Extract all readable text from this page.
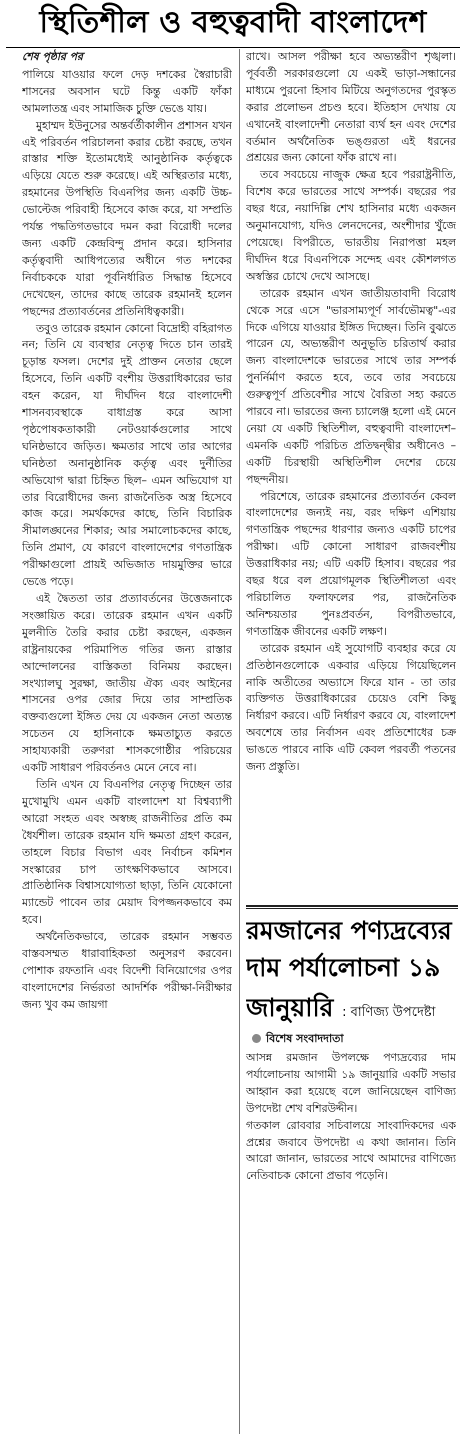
স্থিতিশীল ও বহুত্ববাদী বাংলাদেশ

শেষ পৃষ্ঠার পর

পালিয়ে যাওয়ার ফলে দেড় দশকের স্বৈরাচারী শাসনের অবসান ঘটে কিন্তু একটি ফাঁকা আমলাতন্ত্র এবং সামাজিক চুক্তি ভেঙে যায়।

মুহাম্মদ ইউনুসের অন্তর্বর্তীকালীন প্রশাসন যখন এই পরিবর্তন পরিচালনা করার চেষ্টা করছে, তখন রাস্তার শক্তি ইতোমধ্যেই আনুষ্ঠানিক কর্তৃত্বকে এড়িয়ে যেতে শুরু করেছে। এই অস্থিরতার মধ্যে, রহমানের উপস্থিতি বিএনপির জন্য একটি উচ্চ-ভোল্টেজ পরিবাহী হিসেবে কাজ করে, যা সম্প্রতি পর্যন্ত পদ্ধতিগতভাবে দমন করা বিরোধী দলের জন্য একটি কেন্দ্রবিন্দু প্রদান করে। হাসিনার কর্তৃত্ববাদী আধিপত্যের অধীনে গত দশকের নির্বাচককে যারা পূর্বনির্ধারিত সিদ্ধান্ত হিসেবে দেখেছেন, তাদের কাছে তারেক রহমানই হলেন পছন্দের প্রত্যাবর্তনের প্রতিনিধিত্বকারী।

তবুও তারেক রহমান কোনো বিদ্রোহী বহিরাগত নন; তিনি যে ব্যবস্থার নেতৃত্ব দিতে চান তারই চূড়ান্ত ফসল। দেশের দুই প্রাক্তন নেতার ছেলে হিসেবে, তিনি একটি বংশীয় উত্তরাধিকারের ভার বহন করেন, যা দীর্ঘদিন ধরে বাংলাদেশী শাসনব্যবস্থাকে বাধাগ্রস্ত করে আসা পৃষ্ঠপোষকতাকারী নেটওয়ার্কগুলোর সাথে ঘনিষ্ঠভাবে জড়িত। ক্ষমতার সাথে তার আগের ঘনিষ্ঠতা অনানুষ্ঠানিক কর্তৃত্ব এবং দুর্নীতির অভিযোগ দ্বারা চিহ্নিত ছিল– এমন অভিযোগ যা তার বিরোধীদের জন্য রাজনৈতিক অস্ত্র হিসেবে কাজ করে। সমর্থকদের কাছে, তিনি বিচারিক সীমালঙ্ঘনের শিকার; আর সমালোচকদের কাছে, তিনি প্রমাণ, যে কারণে বাংলাদেশের গণতান্ত্রিক পরীক্ষাগুলো প্রায়ই অভিজাত দায়মুক্তির ভারে ভেঙে পড়ে।

এই দ্বৈততা তার প্রত্যাবর্তনের উত্তেজনাকে সংজ্ঞায়িত করে। তারেক রহমান এখন একটি মুলনীতি তৈরি করার চেষ্টা করছেন, একজন রাষ্ট্রনায়কের পরিমাপিত গতির জন্য রাস্তার আন্দোলনের বাস্তিকতা বিনিময় করছেন। সংখ্যালঘু সুরক্ষা, জাতীয় ঐক্য এবং আইনের শাসনের ওপর জোর দিয়ে তার সাম্প্রতিক বক্তব্যগুলো ইঙ্গিত দেয় যে একজন নেতা অত্যন্ত সচেতন যে হাসিনাকে ক্ষমতাচ্যুত করতে সাহায্যকারী তরুণরা শাসকগোষ্ঠীর পরিচয়ের একটি সাধারণ পরিবর্তনও মেনে নেবে না।

তিনি এখন যে বিএনপির নেতৃত্ব দিচ্ছেন তার মুখোমুখি এমন একটি বাংলাদেশ যা বিশ্বব্যাপী আরো সংহত এবং অস্বচ্ছ রাজনীতির প্রতি কম ধৈর্যশীল। তারেক রহমান যদি ক্ষমতা গ্রহণ করেন, তাহলে বিচার বিভাগ এবং নির্বাচন কমিশন সংস্কারের চাপ তাৎক্ষণিকভাবে আসবে। প্রাতিষ্ঠানিক বিশ্বাসযোগ্যতা ছাড়া, তিনি যেকোনো ম্যান্ডেট পাবেন তার মেয়াদ বিপজ্জনকভাবে কম হবে।

অর্থনৈতিকভাবে, তারেক রহমান সম্ভবত বাস্তবসম্মত ধারাবাহিকতা অনুসরণ করবেন। পোশাক রফতানি এবং বিদেশী বিনিয়োগের ওপর বাংলাদেশের নির্ভরতা আদর্শিক পরীক্ষা-নিরীক্ষার জন্য খুব কম জায়গা

রাখে। আসল পরীক্ষা হবে অভ্যন্তরীণ শৃঙ্খলা। পূর্ববর্তী সরকারগুলো যে একই ভাড়া-সন্ধানের মাধ্যমে পুরনো হিসাব মিটিয়ে অনুগতদের পুরস্কৃত করার প্রলোভন প্রচণ্ড হবে। ইতিহাস দেখায় যে এখানেই বাংলাদেশী নেতারা ব্যর্থ হন এবং দেশের বর্তমান অর্থনৈতিক ভঙ্গুরতা এই ধরনের প্রশ্রয়ের জন্য কোনো ফাঁক রাখে না।

তবে সবচেয়ে নাজুক ক্ষেত্র হবে পররাষ্ট্রনীতি, বিশেষ করে ভারতের সাথে সম্পর্ক। বছরের পর বছর ধরে, নয়াদিল্লি শেখ হাসিনার মধ্যে একজন অনুমানযোগ্য, যদিও লেনদেনের, অংশীদার খুঁজে পেয়েছে। বিপরীতে, ভারতীয় নিরাপত্তা মহল দীর্ঘদিন ধরে বিএনপিকে সন্দেহ এবং কৌশলগত অস্বস্তির চোখে দেখে আসছে।

তারেক রহমান এখন জাতীয়তাবাদী বিরোধ থেকে সরে এসে "ভারসাম্যপূর্ণ সার্বভৌমত্ব"-এর দিকে এগিয়ে যাওয়ার ইঙ্গিত দিচ্ছেন। তিনি বুঝতে পারেন যে, অভ্যন্তরীণ অনুভূতি চরিতার্থ করার জন্য বাংলাদেশকে ভারতের সাথে তার সম্পর্ক পুনর্নির্মাণ করতে হবে, তবে তার সবচেয়ে গুরুত্বপূর্ণ প্রতিবেশীর সাথে বৈরিতা সহ্য করতে পারবে না। ভারতের জন্য চ্যালেঞ্জ হলো এই মেনে নেয়া যে একটি স্থিতিশীল, বহুত্ববাদী বাংলাদেশ– এমনকি একটি পরিচিত প্রতিদ্বন্দ্বীর অধীনেও – একটি চিরস্থায়ী অস্থিতিশীল দেশের চেয়ে পছন্দনীয়।

পরিশেষে, তারেক রহমানের প্রত্যাবর্তন কেবল বাংলাদেশের জন্যই নয়, বরং দক্ষিণ এশিয়ায় গণতান্ত্রিক পছন্দের ধারণার জন্যও একটি চাপের পরীক্ষা। এটি কোনো সাধারণ রাজবংশীয় উত্তরাধিকার নয়; এটি একটি হিসাব। বছরের পর বছর ধরে বল প্রয়োগমূলক স্থিতিশীলতা এবং পরিচালিত ফলাফলের পর, রাজনৈতিক অনিশ্চয়তার পুনঃপ্রবর্তন, বিপরীতভাবে, গণতান্ত্রিক জীবনের একটি লক্ষণ।

তারেক রহমান এই সুযোগটি ব্যবহার করে যে প্রতিষ্ঠানগুলোকে একবার এড়িয়ে গিয়েছিলেন নাকি অতীতের অভ্যাসে ফিরে যান - তা তার ব্যক্তিগত উত্তরাধিকারের চেয়েও বেশি কিছু নির্ধারণ করবে। এটি নির্ধারণ করবে যে, বাংলাদেশ অবশেষে তার নির্বাসন এবং প্রতিশোধের চক্র ভাঙতে পারবে নাকি এটি কেবল পরবর্তী পতনের জন্য প্রস্তুতি।

রমজানের পণ্যদ্রব্যের
দাম পর্যালোচনা ১৯
জানুয়ারি : বাণিজ্য উপদেষ্টা
বিশেষ সংবাদদাতা

আসন্ন রমজান উপলক্ষে পণ্যদ্রব্যের দাম পর্যালোচনায় আগামী ১৯ জানুয়ারি একটি সভার আহ্বান করা হয়েছে বলে জানিয়েছেন বাণিজ্য উপদেষ্টা শেখ বশিরউদ্দীন।

গতকাল রোববার সচিবালয়ে সাংবাদিকদের এক প্রশ্নের জবাবে উপদেষ্টা এ কথা জানান। তিনি আরো জানান, ভারতের সাথে আমাদের বাণিজ্যে নেতিবাচক কোনো প্রভাব পড়েনি।
